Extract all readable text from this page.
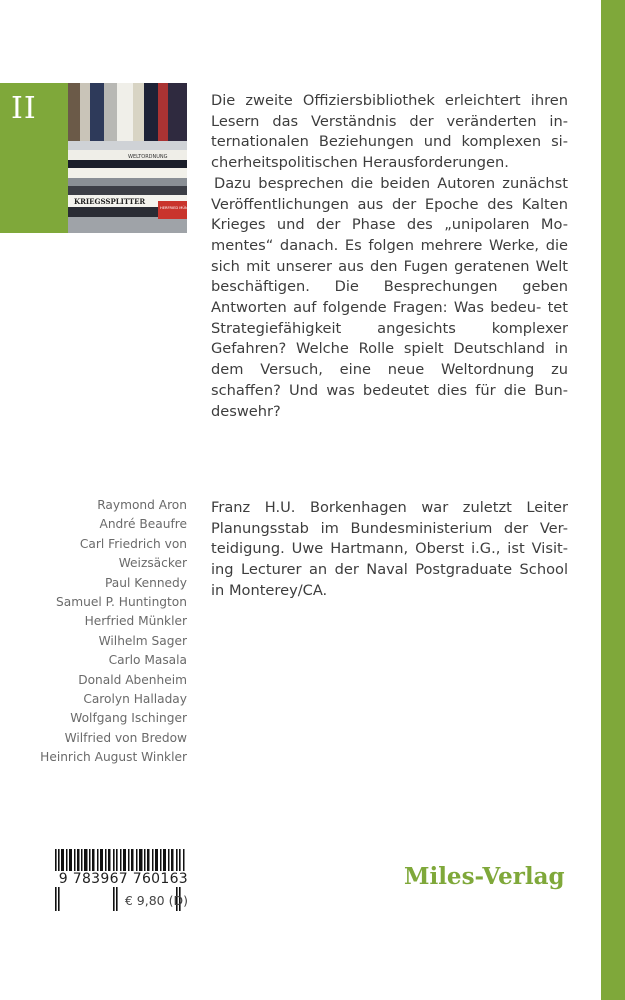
II
WELTORDNUNG
KRIEGSSPLITTER
HERFRIED MÜNKLER

Die zweite Offiziersbibliothek erleichtert ihren Lesern das Verständnis der veränderten in- ternationalen Beziehungen und komplexen si- cherheitspolitischen Herausforderungen.

Dazu besprechen die beiden Autoren zunächst Veröffentlichungen aus der Epoche des Kalten Krieges und der Phase des „unipolaren Mo- mentes“ danach. Es folgen mehrere Werke, die sich mit unserer aus den Fugen geratenen Welt beschäftigen. Die Besprechungen geben Antworten auf folgende Fragen: Was bedeu- tet Strategiefähigkeit angesichts komplexer Gefahren? Welche Rolle spielt Deutschland in dem Versuch, eine neue Weltordnung zu schaffen? Und was bedeutet dies für die Bun- deswehr?

Franz H.U. Borkenhagen war zuletzt Leiter Planungsstab im Bundesministerium der Ver- teidigung. Uwe Hartmann, Oberst i.G., ist Visit- ing Lecturer an der Naval Postgraduate School in Monterey/CA.
Raymond Aron
André Beaufre
Carl Friedrich von
Weizsäcker
Paul Kennedy
Samuel P. Huntington
Herfried Münkler
Wilhelm Sager
Carlo Masala
Donald Abenheim
Carolyn Halladay
Wolfgang Ischinger
Wilfried von Bredow
Heinrich August Winkler
9 783967 760163
€ 9,80 (D)
Miles-Verlag
